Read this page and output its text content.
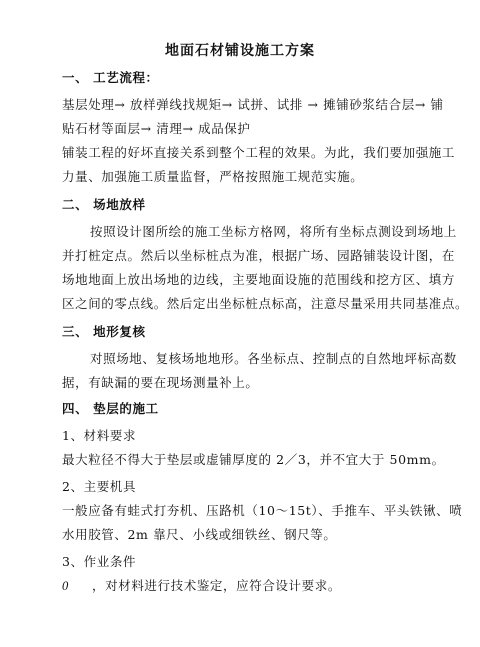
地面石材铺设施工方案
一、 工艺流程：
基层处理→ 放样弹线找规矩→ 试拼、试排 → 摊铺砂浆结合层→ 铺
贴石材等面层→ 清理→ 成品保护
铺装工程的好坏直接关系到整个工程的效果。为此，我们要加强施工
力量、加强施工质量监督，严格按照施工规范实施。
二、 场地放样
按照设计图所绘的施工坐标方格网，将所有坐标点测设到场地上
并打桩定点。然后以坐标桩点为准，根据广场、园路铺装设计图，在
场地地面上放出场地的边线，主要地面设施的范围线和挖方区、填方
区之间的零点线。然后定出坐标桩点标高，注意尽量采用共同基准点。
三、 地形复核
对照场地、复核场地地形。各坐标点、控制点的自然地坪标高数
据，有缺漏的要在现场测量补上。
四、 垫层的施工
1、材料要求
最大粒径不得大于垫层或虚铺厚度的 2／3，并不宜大于 50mm。
2、主要机具
一般应备有蛙式打夯机、压路机（10～15t）、手推车、平头铁锹、喷
水用胶管、2m 靠尺、小线或细铁丝、钢尺等。
3、作业条件
0 ，对材料进行技术鉴定，应符合设计要求。
